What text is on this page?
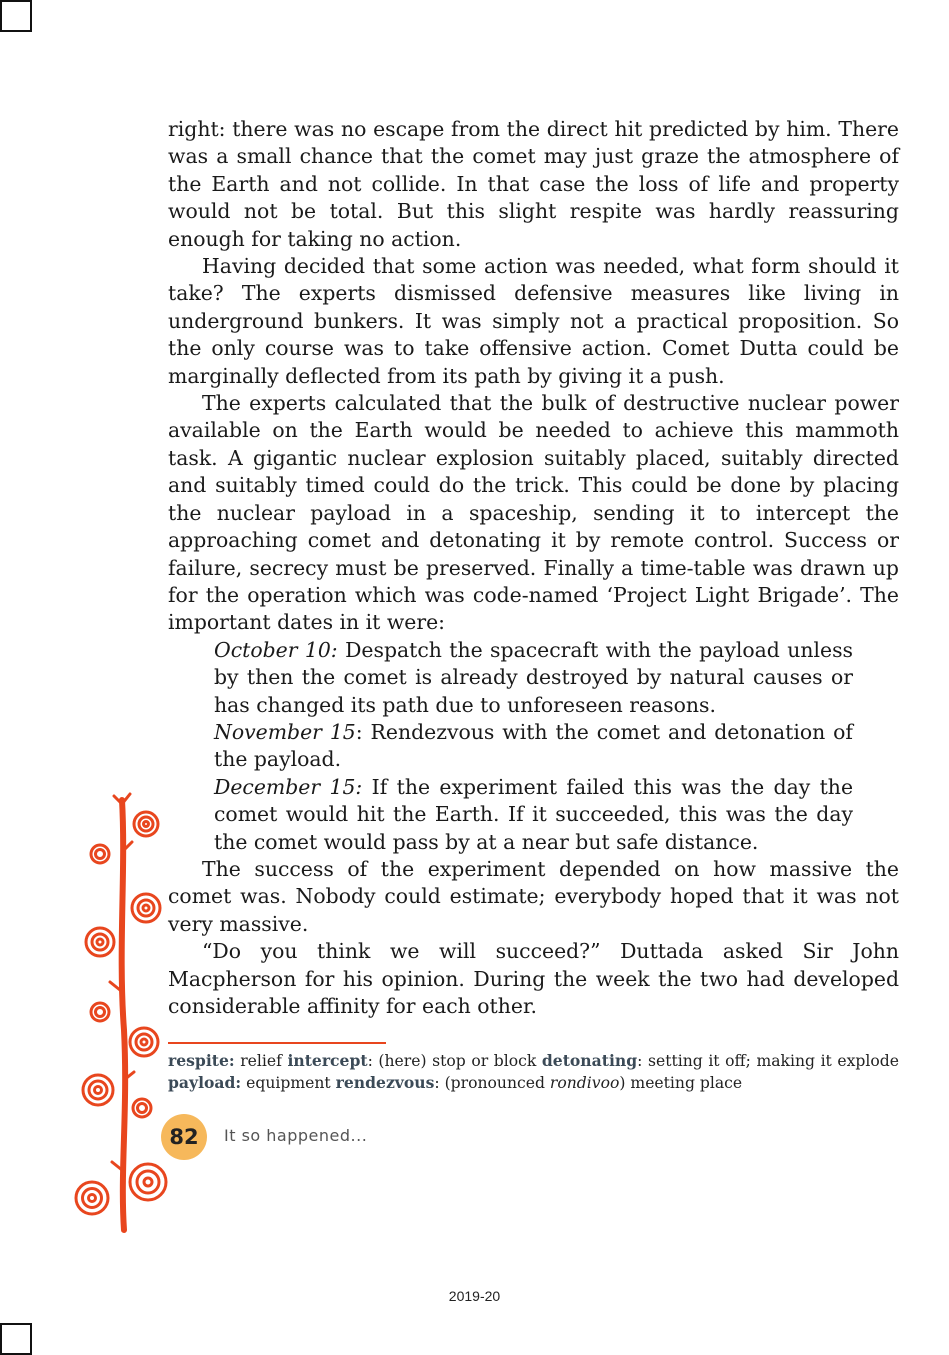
right: there was no escape from the direct hit predicted by him. There was a small chance that the comet may just graze the atmosphere of the Earth and not collide. In that case the loss of life and property would not be total. But this slight respite was hardly reassuring enough for taking no action.

Having decided that some action was needed, what form should it take? The experts dismissed defensive measures like living in underground bunkers. It was simply not a practical proposition. So the only course was to take offensive action. Comet Dutta could be marginally deflected from its path by giving it a push.

The experts calculated that the bulk of destructive nuclear power available on the Earth would be needed to achieve this mammoth task. A gigantic nuclear explosion suitably placed, suitably directed and suitably timed could do the trick. This could be done by placing the nuclear payload in a spaceship, sending it to intercept the approaching comet and detonating it by remote control. Success or failure, secrecy must be preserved. Finally a time-table was drawn up for the operation which was code-named ‘Project Light Brigade’. The important dates in it were:

October 10: Despatch the spacecraft with the payload unless by then the comet is already destroyed by natural causes or has changed its path due to unforeseen reasons.

November 15: Rendezvous with the comet and detonation of the payload.

December 15: If the experiment failed this was the day the comet would hit the Earth. If it succeeded, this was the day the comet would pass by at a near but safe distance.

The success of the experiment depended on how massive the comet was. Nobody could estimate; everybody hoped that it was not very massive.

“Do you think we will succeed?” Duttada asked Sir John Macpherson for his opinion. During the week the two had developed considerable affinity for each other.

respite: relief intercept: (here) stop or block detonating: setting it off; making it explode payload: equipment rendezvous: (pronounced rondivoo) meeting place
82	It so happened...
2019-20
